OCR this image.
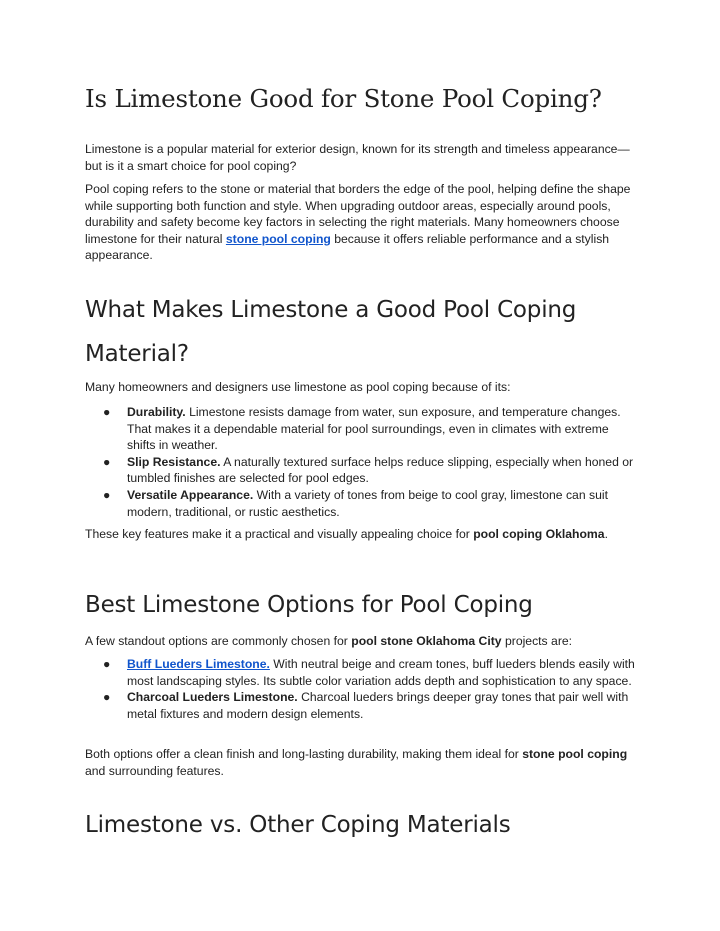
Is Limestone Good for Stone Pool Coping?

Limestone is a popular material for exterior design, known for its strength and timeless appearance—but is it a smart choice for pool coping?

Pool coping refers to the stone or material that borders the edge of the pool, helping define the shape while supporting both function and style. When upgrading outdoor areas, especially around pools, durability and safety become key factors in selecting the right materials. Many homeowners choose limestone for their natural stone pool coping because it offers reliable performance and a stylish appearance.

What Makes Limestone a Good Pool Coping Material?

Many homeowners and designers use limestone as pool coping because of its:

● Durability. Limestone resists damage from water, sun exposure, and temperature changes. That makes it a dependable material for pool surroundings, even in climates with extreme shifts in weather.
● Slip Resistance. A naturally textured surface helps reduce slipping, especially when honed or tumbled finishes are selected for pool edges.
● Versatile Appearance. With a variety of tones from beige to cool gray, limestone can suit modern, traditional, or rustic aesthetics.

These key features make it a practical and visually appealing choice for pool coping Oklahoma.

Best Limestone Options for Pool Coping

A few standout options are commonly chosen for pool stone Oklahoma City projects are:

● Buff Lueders Limestone. With neutral beige and cream tones, buff lueders blends easily with most landscaping styles. Its subtle color variation adds depth and sophistication to any space.
● Charcoal Lueders Limestone. Charcoal lueders brings deeper gray tones that pair well with metal fixtures and modern design elements.

Both options offer a clean finish and long-lasting durability, making them ideal for stone pool coping and surrounding features.

Limestone vs. Other Coping Materials
